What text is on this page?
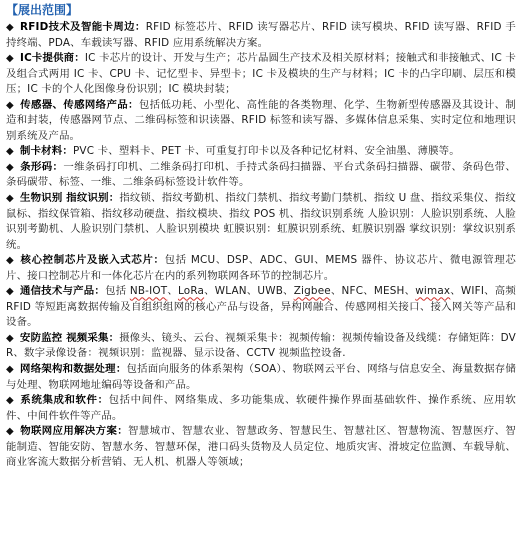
【展出范围】

◆ RFID技术及智能卡周边：RFID 标签芯片、RFID 读写器芯片、RFID 读写模块、RFID 读写器、RFID 手持终端、PDA、车载读写器、RFID 应用系统解决方案。

◆ IC卡提供商：IC 卡芯片的设计、开发与生产；芯片晶圆生产技术及相关原材料；接触式和非接触式、IC 卡及组合式两用 IC 卡、CPU 卡、记忆型卡、异型卡；IC 卡及模块的生产与材料；IC 卡的凸字印刷、层压和模压；IC 卡的个人化图像身份识别；IC 模块封装；

◆ 传感器、传感网络产品：包括低功耗、小型化、高性能的各类物理、化学、生物新型传感器及其设计、制造和封装，传感器网节点、二维码标签和识读器、RFID 标签和读写器、多媒体信息采集、实时定位和地理识别系统及产品。

◆ 制卡材料：PVC 卡、塑料卡、PET 卡、可重复打印卡以及各种记忆材料、安全油墨、薄膜等。

◆ 条形码：一维条码打印机、二维条码打印机、手持式条码扫描器、平台式条码扫描器、碳带、条码色带、条码碳带、标签、一维、二维条码标签设计软件等。

◆ 生物识别 指纹识别：指纹锁、指纹考勤机、指纹门禁机、指纹考勤门禁机、指纹 U 盘、指纹采集仪、指纹鼠标、指纹保管箱、指纹移动硬盘、指纹模块、指纹 POS 机、指纹识别系统 人脸识别：人脸识别系统、人脸识别考勤机、人脸识别门禁机、人脸识别模块 虹膜识别：虹膜识别系统、虹膜识别器 掌纹识别：掌纹识别系统。

◆ 核心控制芯片及嵌入式芯片：包括 MCU、DSP、ADC、GUI、MEMS 器件、协议芯片、微电源管理芯片、接口控制芯片和一体化芯片在内的系列物联网各环节的控制芯片。

◆ 通信技术与产品：包括 NB-IOT、LoRa、WLAN、UWB、Zigbee、NFC、MESH、wimax、WIFI、高频RFID 等短距离数据传输及自组织组网的核心产品与设备，异构网融合、传感网相关接口、接入网关等产品和设备。

◆ 安防监控 视频采集：摄像头、镜头、云台、视频采集卡：视频传输：视频传输设备及线缆：存储矩阵：DVR、数字录像设备：视频识别：监视器、显示设备、CCTV 视频监控设备.

◆ 网络架构和数据处理：包括面向服务的体系架构（SOA）、物联网云平台、网络与信息安全、海量数据存储与处理、物联网地址编码等设备和产品。

◆ 系统集成和软件：包括中间件、网络集成、多功能集成、软硬件操作界面基础软件、操作系统、应用软件、中间件软件等产品。

◆ 物联网应用解决方案：智慧城市、智慧农业、智慧政务、智慧民生、智慧社区、智慧物流、智慧医疗、智能制造、智能安防、智慧水务、智慧环保，港口码头货物及人员定位、地质灾害、滑坡定位监测、车载导航、商业客流大数据分析营销、无人机、机器人等领域；
